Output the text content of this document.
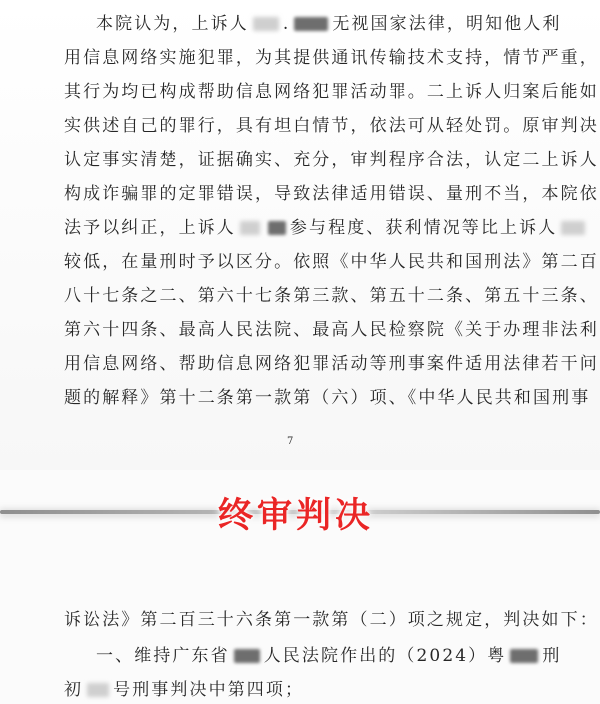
本院认为，上诉人 . 无视国家法律，明知他人利
用信息网络实施犯罪，为其提供通讯传输技术支持，情节严重，
其行为均已构成帮助信息网络犯罪活动罪。二上诉人归案后能如
实供述自己的罪行，具有坦白情节，依法可从轻处罚。原审判决
认定事实清楚，证据确实、充分，审判程序合法，认定二上诉人
构成诈骗罪的定罪错误，导致法律适用错误、量刑不当，本院依
法予以纠正，上诉人	参与程度、获利情况等比上诉人
较低，在量刑时予以区分。依照《中华人民共和国刑法》第二百
八十七条之二、第六十七条第三款、第五十二条、第五十三条、
第六十四条、最高人民法院、最高人民检察院《关于办理非法利
用信息网络、帮助信息网络犯罪活动等刑事案件适用法律若干问
题的解释》第十二条第一款第（六）项、《中华人民共和国刑事
7
终审判决
诉讼法》第二百三十六条第一款第（二）项之规定，判决如下：
一、维持广东省 人民法院作出的（2024）粤 刑
初 号刑事判决中第四项；
